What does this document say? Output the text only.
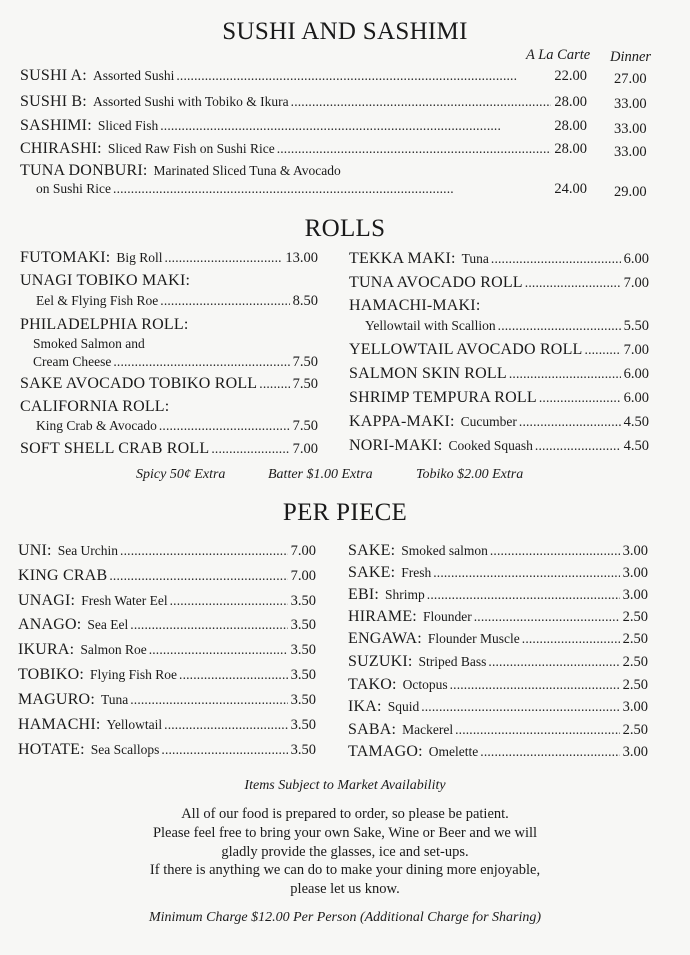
SUSHI AND SASHIMI
A La Carte Dinner
SUSHI A: Assorted Sushi . . .	22.00 27.00
SUSHI B: Assorted Sushi with Tobiko & Ikura . . .	28.00 33.00
SASHIMI: Sliced Fish . . .	28.00 33.00
CHIRASHI: Sliced Raw Fish on Sushi Rice . . .	28.00 33.00
TUNA DONBURI: Marinated Sliced Tuna & Avocado
on Sushi Rice . . .	24.00 29.00
ROLLS
FUTOMAKI: Big Roll . . .	13.00
UNAGI TOBIKO MAKI:
Eel & Flying Fish Roe . . .	8.50
PHILADELPHIA ROLL:
Smoked Salmon and
Cream Cheese . . .	7.50
SAKE AVOCADO TOBIKO ROLL . . . 7.50
CALIFORNIA ROLL:
King Crab & Avocado . . .	7.50
SOFT SHELL CRAB ROLL . . .	7.00
TEKKA MAKI: Tuna . . .	6.00
TUNA AVOCADO ROLL . . .	7.00
HAMACHI-MAKI:
Yellowtail with Scallion . . .	5.50
YELLOWTAIL AVOCADO ROLL . . .	7.00
SALMON SKIN ROLL . . .	6.00
SHRIMP TEMPURA ROLL . . .	6.00
KAPPA-MAKI: Cucumber . . .	4.50
NORI-MAKI: Cooked Squash . . .	4.50
Spicy 50¢ Extra	Batter $1.00 Extra	Tobiko $2.00 Extra
PER PIECE
UNI: Sea Urchin . . .	7.00
KING CRAB . . .	7.00
UNAGI: Fresh Water Eel . . .	3.50
ANAGO: Sea Eel . . .	3.50
IKURA: Salmon Roe . . .	3.50
TOBIKO: Flying Fish Roe . . .	3.50
MAGURO: Tuna . . .	3.50
HAMACHI: Yellowtail . . .	3.50
HOTATE: Sea Scallops . . .	3.50
SAKE: Smoked salmon . . .	3.00
SAKE: Fresh . . .	3.00
EBI: Shrimp . . .	3.00
HIRAME: Flounder . . .	2.50
ENGAWA: Flounder Muscle . . .	2.50
SUZUKI: Striped Bass . . .	2.50
TAKO: Octopus . . .	2.50
IKA: Squid . . .	3.00
SABA: Mackerel . . .	2.50
TAMAGO: Omelette . . .	3.00
Items Subject to Market Availability
All of our food is prepared to order, so please be patient.
Please feel free to bring your own Sake, Wine or Beer and we will
gladly provide the glasses, ice and set-ups.
If there is anything we can do to make your dining more enjoyable,
please let us know.
Minimum Charge $12.00 Per Person (Additional Charge for Sharing)
